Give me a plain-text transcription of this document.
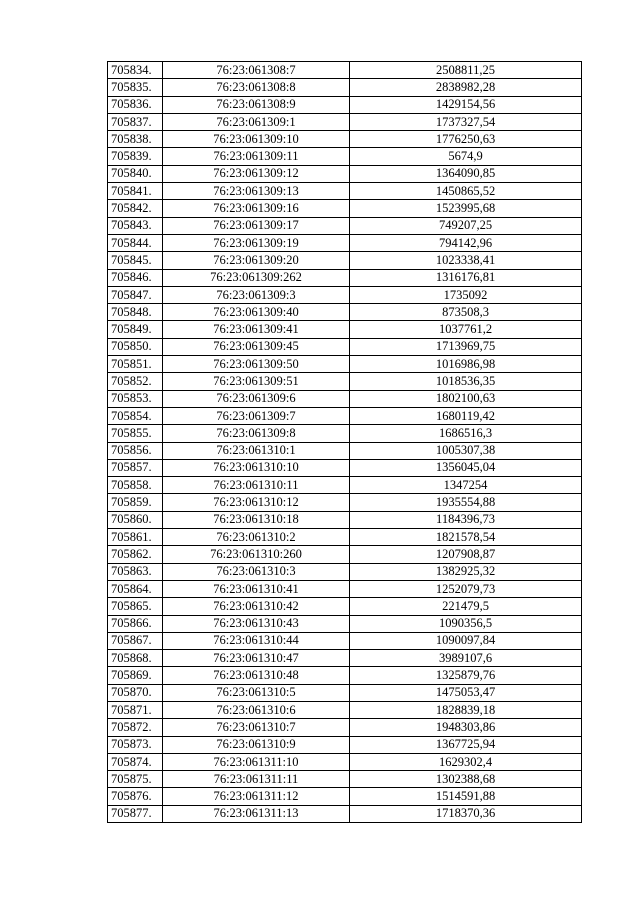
705834.	76:23:061308:7	2508811,25
705835.	76:23:061308:8	2838982,28
705836.	76:23:061308:9	1429154,56
705837.	76:23:061309:1	1737327,54
705838.	76:23:061309:10	1776250,63
705839.	76:23:061309:11	5674,9
705840.	76:23:061309:12	1364090,85
705841.	76:23:061309:13	1450865,52
705842.	76:23:061309:16	1523995,68
705843.	76:23:061309:17	749207,25
705844.	76:23:061309:19	794142,96
705845.	76:23:061309:20	1023338,41
705846.	76:23:061309:262	1316176,81
705847.	76:23:061309:3	1735092
705848.	76:23:061309:40	873508,3
705849.	76:23:061309:41	1037761,2
705850.	76:23:061309:45	1713969,75
705851.	76:23:061309:50	1016986,98
705852.	76:23:061309:51	1018536,35
705853.	76:23:061309:6	1802100,63
705854.	76:23:061309:7	1680119,42
705855.	76:23:061309:8	1686516,3
705856.	76:23:061310:1	1005307,38
705857.	76:23:061310:10	1356045,04
705858.	76:23:061310:11	1347254
705859.	76:23:061310:12	1935554,88
705860.	76:23:061310:18	1184396,73
705861.	76:23:061310:2	1821578,54
705862.	76:23:061310:260	1207908,87
705863.	76:23:061310:3	1382925,32
705864.	76:23:061310:41	1252079,73
705865.	76:23:061310:42	221479,5
705866.	76:23:061310:43	1090356,5
705867.	76:23:061310:44	1090097,84
705868.	76:23:061310:47	3989107,6
705869.	76:23:061310:48	1325879,76
705870.	76:23:061310:5	1475053,47
705871.	76:23:061310:6	1828839,18
705872.	76:23:061310:7	1948303,86
705873.	76:23:061310:9	1367725,94
705874.	76:23:061311:10	1629302,4
705875.	76:23:061311:11	1302388,68
705876.	76:23:061311:12	1514591,88
705877.	76:23:061311:13	1718370,36
